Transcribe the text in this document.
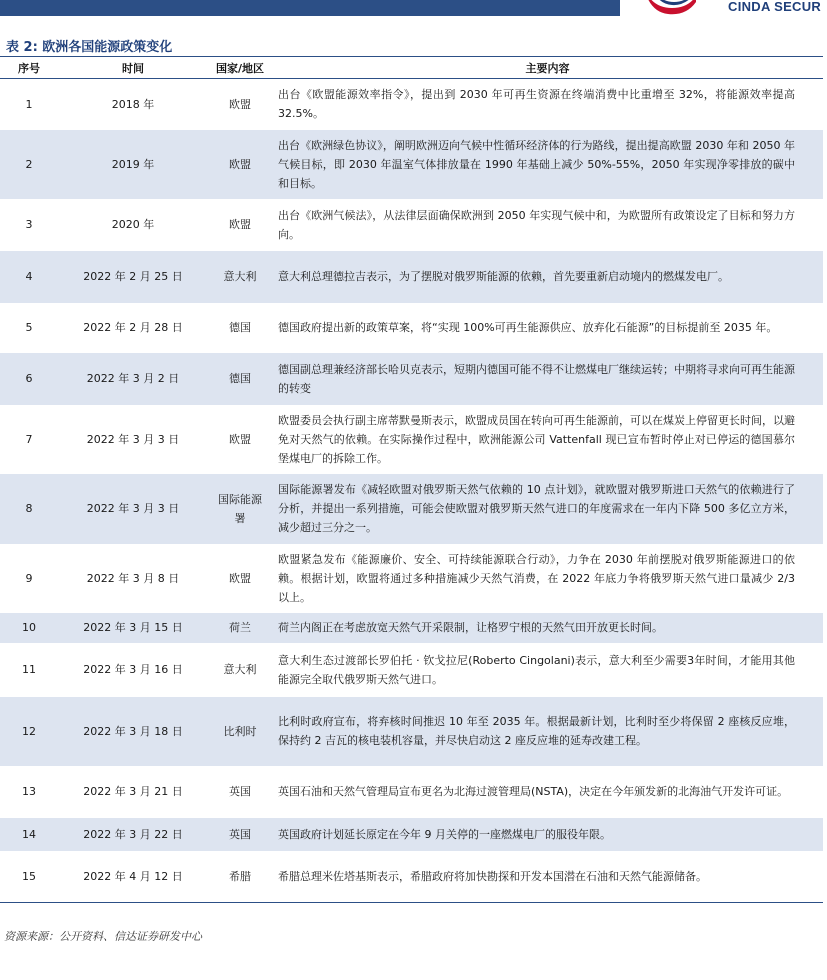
CINDA SECUR
表 2: 欧洲各国能源政策变化
序号	时间	国家/地区	主要内容
1	2018 年	欧盟	出台《欧盟能源效率指令》，提出到 2030 年可再生资源在终端消费中比重增至 32%，将能源效率提高 32.5%。
2	2019 年	欧盟	出台《欧洲绿色协议》，阐明欧洲迈向气候中性循环经济体的行为路线，提出提高欧盟 2030 年和 2050 年气候目标，即 2030 年温室气体排放量在 1990 年基础上减少 50%-55%，2050 年实现净零排放的碳中和目标。
3	2020 年	欧盟	出台《欧洲气候法》，从法律层面确保欧洲到 2050 年实现气候中和，为欧盟所有政策设定了目标和努力方向。
4	2022 年 2 月 25 日	意大利	意大利总理德拉吉表示，为了摆脱对俄罗斯能源的依赖，首先要重新启动境内的燃煤发电厂。
5	2022 年 2 月 28 日	德国	德国政府提出新的政策草案，将“实现 100%可再生能源供应、放弃化石能源”的目标提前至 2035 年。
6	2022 年 3 月 2 日	德国	德国副总理兼经济部长哈贝克表示，短期内德国可能不得不让燃煤电厂继续运转；中期将寻求向可再生能源的转变
7	2022 年 3 月 3 日	欧盟	欧盟委员会执行副主席蒂默曼斯表示，欧盟成员国在转向可再生能源前，可以在煤炭上停留更长时间，以避免对天然气的依赖。在实际操作过程中，欧洲能源公司 Vattenfall 现已宣布暂时停止对已停运的德国慕尔堡煤电厂的拆除工作。
8	2022 年 3 月 3 日	国际能源署	国际能源署发布《减轻欧盟对俄罗斯天然气依赖的 10 点计划》，就欧盟对俄罗斯进口天然气的依赖进行了分析，并提出一系列措施，可能会使欧盟对俄罗斯天然气进口的年度需求在一年内下降 500 多亿立方米，减少超过三分之一。
9	2022 年 3 月 8 日	欧盟	欧盟紧急发布《能源廉价、安全、可持续能源联合行动》，力争在 2030 年前摆脱对俄罗斯能源进口的依赖。根据计划，欧盟将通过多种措施减少天然气消费，在 2022 年底力争将俄罗斯天然气进口量减少 2/3 以上。
10	2022 年 3 月 15 日	荷兰	荷兰内阁正在考虑放宽天然气开采限制，让格罗宁根的天然气田开放更长时间。
11	2022 年 3 月 16 日	意大利	意大利生态过渡部长罗伯托 · 钦戈拉尼(Roberto Cingolani)表示，意大利至少需要3年时间，才能用其他能源完全取代俄罗斯天然气进口。
12	2022 年 3 月 18 日	比利时	比利时政府宣布，将弃核时间推迟 10 年至 2035 年。根据最新计划，比利时至少将保留 2 座核反应堆，保持约 2 吉瓦的核电装机容量，并尽快启动这 2 座反应堆的延寿改建工程。
13	2022 年 3 月 21 日	英国	英国石油和天然气管理局宣布更名为北海过渡管理局(NSTA)，决定在今年颁发新的北海油气开发许可证。
14	2022 年 3 月 22 日	英国	英国政府计划延长原定在今年 9 月关停的一座燃煤电厂的服役年限。
15	2022 年 4 月 12 日	希腊	希腊总理米佐塔基斯表示，希腊政府将加快勘探和开发本国潜在石油和天然气能源储备。
资源来源：公开资料、信达证券研发中心
